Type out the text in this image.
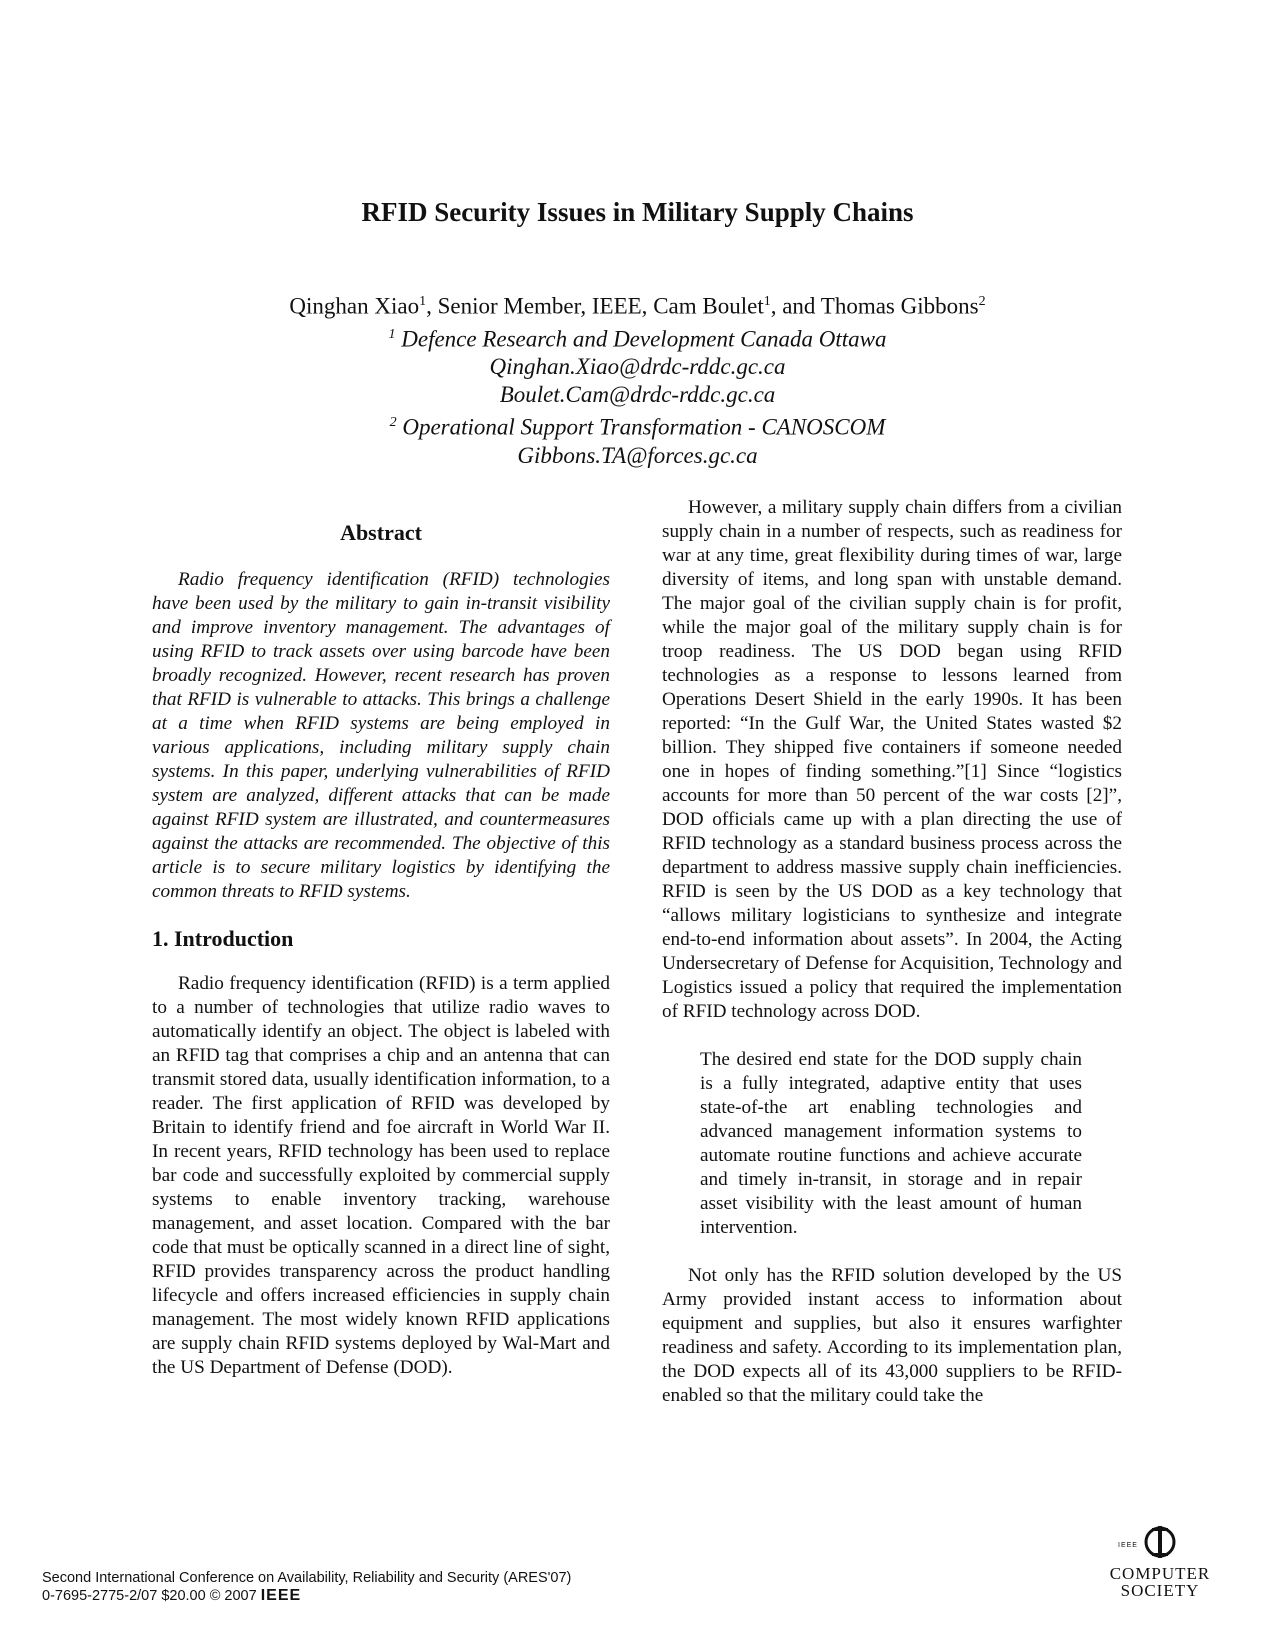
RFID Security Issues in Military Supply Chains
Qinghan Xiao$^1$, Senior Member, IEEE, Cam Boulet$^1$, and Thomas Gibbons$^2$
$^1$ Defence Research and Development Canada Ottawa
Qinghan.Xiao@drdc-rddc.gc.ca
Boulet.Cam@drdc-rddc.gc.ca
$^2$ Operational Support Transformation - CANOSCOM
Gibbons.TA@forces.gc.ca
Abstract

Radio frequency identification (RFID) technologies have been used by the military to gain in-transit visibility and improve inventory management. The advantages of using RFID to track assets over using barcode have been broadly recognized. However, recent research has proven that RFID is vulnerable to attacks. This brings a challenge at a time when RFID systems are being employed in various applications, including military supply chain systems. In this paper, underlying vulnerabilities of RFID system are analyzed, different attacks that can be made against RFID system are illustrated, and countermeasures against the attacks are recommended. The objective of this article is to secure military logistics by identifying the common threats to RFID systems.

1. Introduction

Radio frequency identification (RFID) is a term applied to a number of technologies that utilize radio waves to automatically identify an object. The object is labeled with an RFID tag that comprises a chip and an antenna that can transmit stored data, usually identification information, to a reader. The first application of RFID was developed by Britain to identify friend and foe aircraft in World War II. In recent years, RFID technology has been used to replace bar code and successfully exploited by commercial supply systems to enable inventory tracking, warehouse management, and asset location. Compared with the bar code that must be optically scanned in a direct line of sight, RFID provides transparency across the product handling lifecycle and offers increased efficiencies in supply chain management. The most widely known RFID applications are supply chain RFID systems deployed by Wal-Mart and the US Department of Defense (DOD).

However, a military supply chain differs from a civilian supply chain in a number of respects, such as readiness for war at any time, great flexibility during times of war, large diversity of items, and long span with unstable demand. The major goal of the civilian supply chain is for profit, while the major goal of the military supply chain is for troop readiness. The US DOD began using RFID technologies as a response to lessons learned from Operations Desert Shield in the early 1990s. It has been reported: “In the Gulf War, the United States wasted $2 billion. They shipped five containers if someone needed one in hopes of finding something.”[1] Since “logistics accounts for more than 50 percent of the war costs [2]”, DOD officials came up with a plan directing the use of RFID technology as a standard business process across the department to address massive supply chain inefficiencies. RFID is seen by the US DOD as a key technology that “allows military logisticians to synthesize and integrate end-to-end information about assets”. In 2004, the Acting Undersecretary of Defense for Acquisition, Technology and Logistics issued a policy that required the implementation of RFID technology across DOD.

The desired end state for the DOD supply chain is a fully integrated, adaptive entity that uses state-of-the art enabling technologies and advanced management information systems to automate routine functions and achieve accurate and timely in-transit, in storage and in repair asset visibility with the least amount of human intervention.

Not only has the RFID solution developed by the US Army provided instant access to information about equipment and supplies, but also it ensures warfighter readiness and safety. According to its implementation plan, the DOD expects all of its 43,000 suppliers to be RFID-enabled so that the military could take the

Second International Conference on Availability, Reliability and Security (ARES'07)
0-7695-2775-2/07 $20.00 © 2007 IEEE
IEEE
COMPUTER
SOCIETY
